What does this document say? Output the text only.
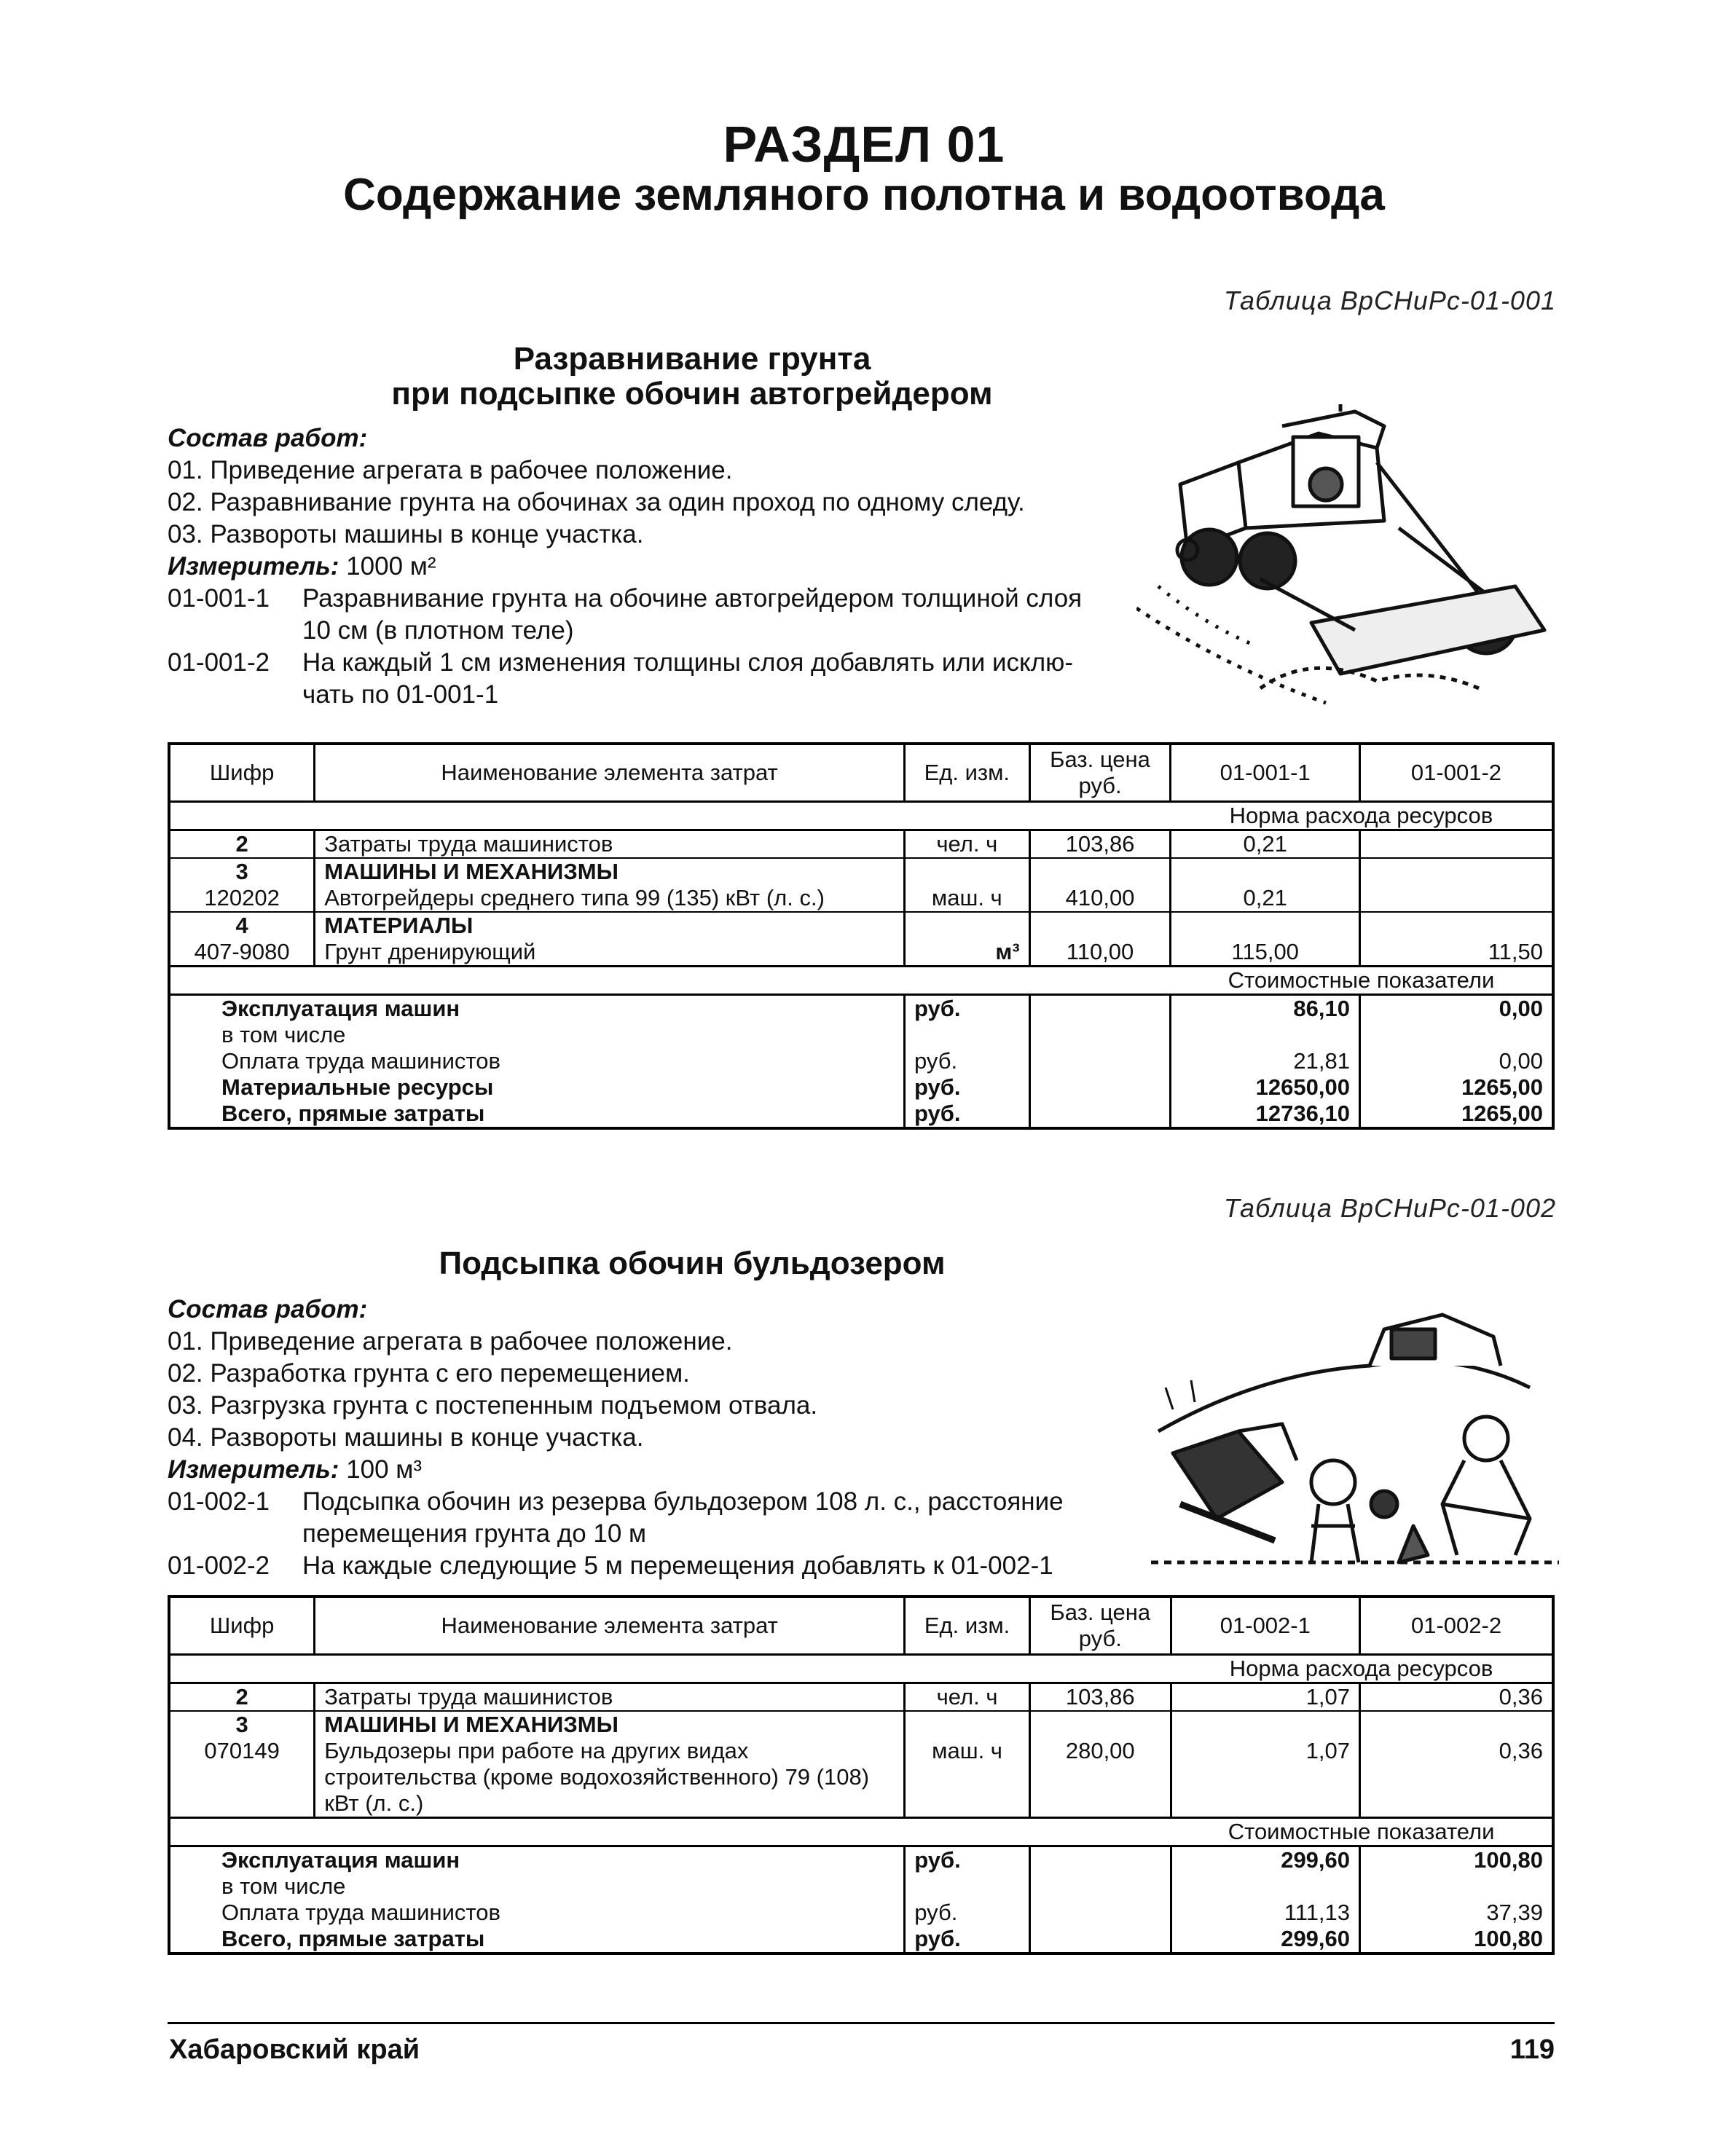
РАЗДЕЛ 01
Содержание земляного полотна и водоотвода
Таблица ВрСНиРс-01-001
Разравнивание грунта
при подсыпке обочин автогрейдером
Состав работ:
01. Приведение агрегата в рабочее положение.
02. Разравнивание грунта на обочинах за один проход по одному следу.
03. Развороты машины в конце участка.
Измеритель: 1000 м²
01-001-1 Разравнивание грунта на обочине автогрейдером толщиной слоя
10 см (в плотном теле)
01-001-2 На каждый 1 см изменения толщины слоя добавлять или исклю-
чать по 01-001-1
Шифр	Наименование элемента затрат	Ед. изм.	Баз. цена руб.	01-001-1	01-001-2
				Норма расхода ресурсов	
2	Затраты труда машинистов	чел. ч	103,86	0,21	
3	МАШИНЫ И МЕХАНИЗМЫ				
120202	Автогрейдеры среднего типа 99 (135) кВт (л. с.)	маш. ч	410,00	0,21	
4	МАТЕРИАЛЫ				
407-9080	Грунт дренирующий	м³	110,00	115,00	11,50
				Стоимостные показатели	
Эксплуатация машин		руб.		86,10	0,00
в том числе					
Оплата труда машинистов		руб.		21,81	0,00
Материальные ресурсы		руб.		12650,00	1265,00
Всего, прямые затраты		руб.		12736,10	1265,00
Таблица ВрСНиРс-01-002
Подсыпка обочин бульдозером
Состав работ:
01. Приведение агрегата в рабочее положение.
02. Разработка грунта с его перемещением.
03. Разгрузка грунта с постепенным подъемом отвала.
04. Развороты машины в конце участка.
Измеритель: 100 м³
01-002-1 Подсыпка обочин из резерва бульдозером 108 л. с., расстояние
перемещения грунта до 10 м
01-002-2 На каждые следующие 5 м перемещения добавлять к 01-002-1
Шифр	Наименование элемента затрат	Ед. изм.	Баз. цена руб.	01-002-1	01-002-2
				Норма расхода ресурсов	
2	Затраты труда машинистов	чел. ч	103,86	1,07	0,36
3	МАШИНЫ И МЕХАНИЗМЫ				
070149	Бульдозеры при работе на других видах строительства (кроме водохозяйственного) 79 (108) кВт (л. с.)	маш. ч	280,00	1,07	0,36
				Стоимостные показатели	
Эксплуатация машин		руб.		299,60	100,80
в том числе					
Оплата труда машинистов		руб.		111,13	37,39
Всего, прямые затраты		руб.		299,60	100,80
Хабаровский край	119
